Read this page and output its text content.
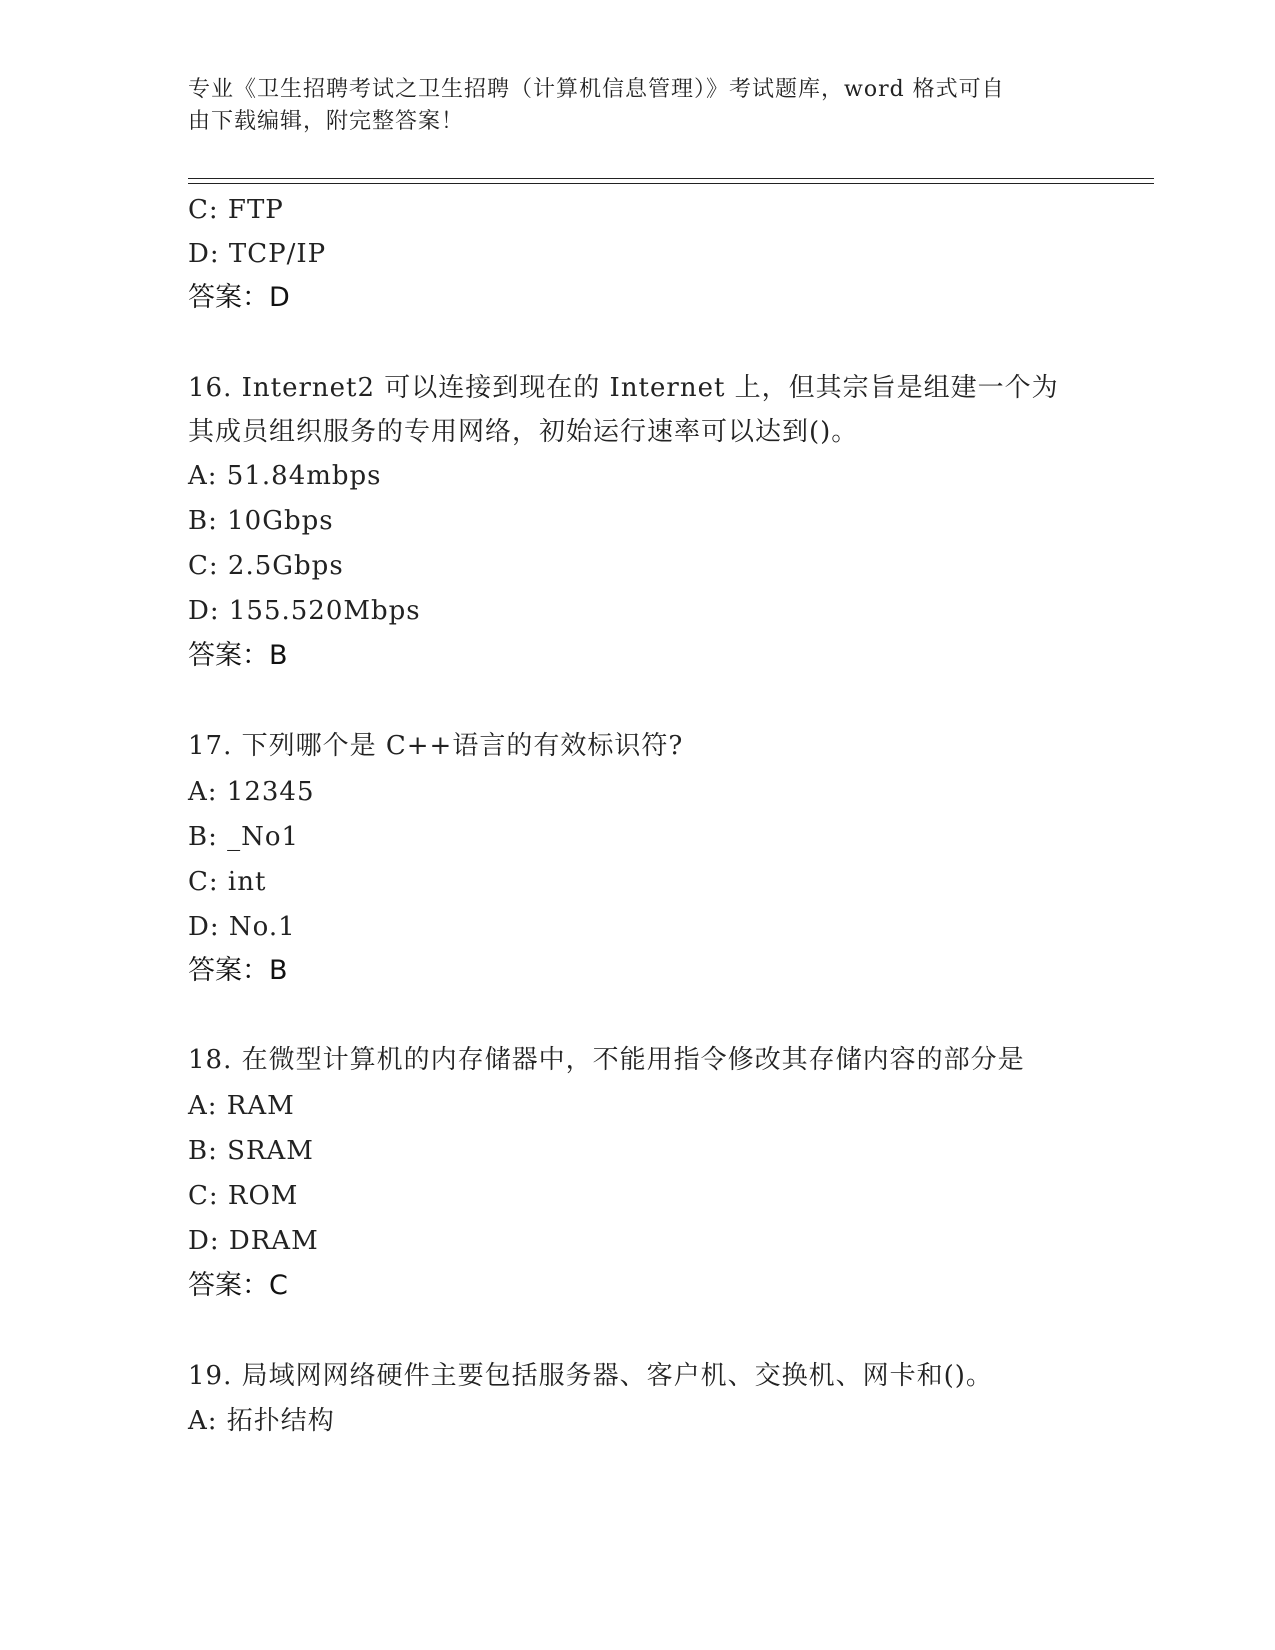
专业《卫生招聘考试之卫生招聘（计算机信息管理）》考试题库，word 格式可自
由下载编辑，附完整答案！
C: FTP
D: TCP/IP
答案：D
16. Internet2 可以连接到现在的 Internet 上，但其宗旨是组建一个为
其成员组织服务的专用网络，初始运行速率可以达到()。
A: 51.84mbps
B: 10Gbps
C: 2.5Gbps
D: 155.520Mbps
答案：B
17. 下列哪个是 C++语言的有效标识符?
A: 12345
B: _No1
C: int
D: No.1
答案：B
18. 在微型计算机的内存储器中，不能用指令修改其存储内容的部分是
A: RAM
B: SRAM
C: ROM
D: DRAM
答案：C
19. 局域网网络硬件主要包括服务器、客户机、交换机、网卡和()。
A: 拓扑结构
